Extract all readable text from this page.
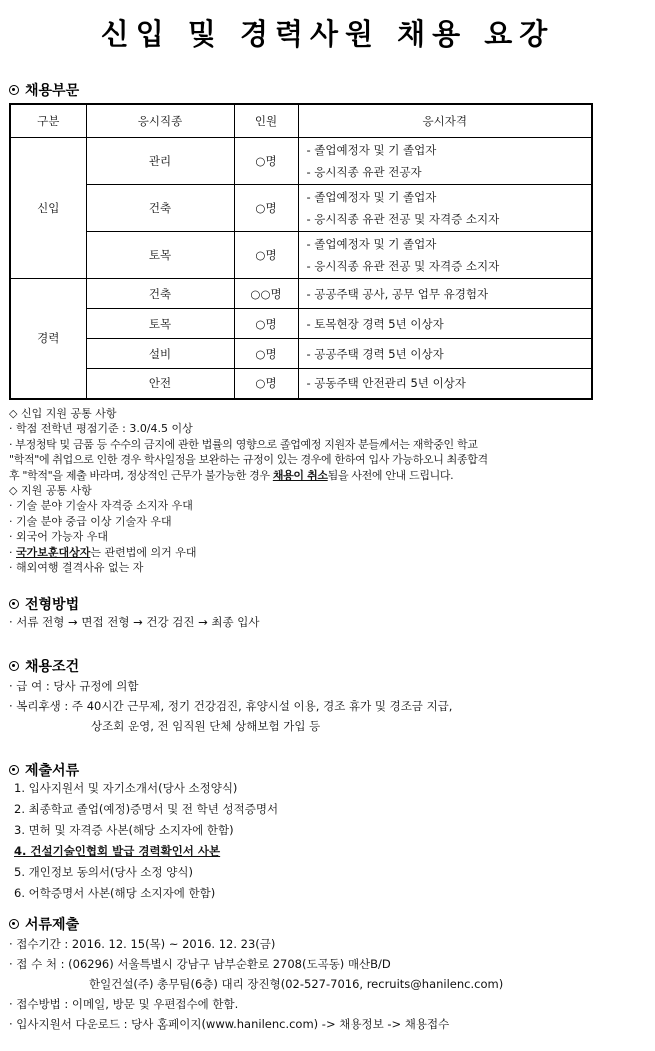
신입 및 경력사원 채용 요강
채용부문
구분	응시직종	인원	응시자격
신입	관리	○명	- 졸업예정자 및 기 졸업자
- 응시직종 유관 전공자

	건축	○명	- 졸업예정자 및 기 졸업자
- 응시직종 유관 전공 및 자격증 소지자

	토목	○명	- 졸업예정자 및 기 졸업자
- 응시직종 유관 전공 및 자격증 소지자

경력	건축	○○명	- 공공주택 공사, 공무 업무 유경험자
	토목	○명	- 토목현장 경력 5년 이상자
	설비	○명	- 공공주택 경력 5년 이상자
	안전	○명	- 공동주택 안전관리 5년 이상자
◇ 신입 지원 공통 사항
· 학점 전학년 평점기준 : 3.0/4.5 이상
· 부정청탁 및 금품 등 수수의 금지에 관한 법률의 영향으로 졸업예정 지원자 분들께서는 재학중인 학교
"학적"에 취업으로 인한 경우 학사일정을 보완하는 규정이 있는 경우에 한하여 입사 가능하오니 최종합격
후 "학적"을 제출 바라며, 정상적인 근무가 불가능한 경우 채용이 취소됨을 사전에 안내 드립니다.
◇ 지원 공통 사항
· 기술 분야 기술사 자격증 소지자 우대
· 기술 분야 중급 이상 기술자 우대
· 외국어 가능자 우대
· 국가보훈대상자는 관련법에 의거 우대
· 해외여행 결격사유 없는 자
전형방법
· 서류 전형 → 면접 전형 → 건강 검진 → 최종 입사
채용조건
· 급 여 : 당사 규정에 의함
· 복리후생 : 주 40시간 근무제, 정기 건강검진, 휴양시설 이용, 경조 휴가 및 경조금 지급,
상조회 운영, 전 임직원 단체 상해보험 가입 등
제출서류
1. 입사지원서 및 자기소개서(당사 소정양식)
2. 최종학교 졸업(예정)증명서 및 전 학년 성적증명서
3. 면허 및 자격증 사본(해당 소지자에 한함)
4. 건설기술인협회 발급 경력확인서 사본
5. 개인정보 동의서(당사 소정 양식)
6. 어학증명서 사본(해당 소지자에 한함)
서류제출
· 접수기간 : 2016. 12. 15(목) ~ 2016. 12. 23(금)
· 접 수 처 : (06296) 서울특별시 강남구 남부순환로 2708(도곡동) 매산B/D
한일건설(주) 총무팀(6층) 대리 장진형(02-527-7016, recruits@hanilenc.com)
· 접수방법 : 이메일, 방문 및 우편접수에 한함.
· 입사지원서 다운로드 : 당사 홈페이지(www.hanilenc.com) -> 채용정보 -> 채용접수
